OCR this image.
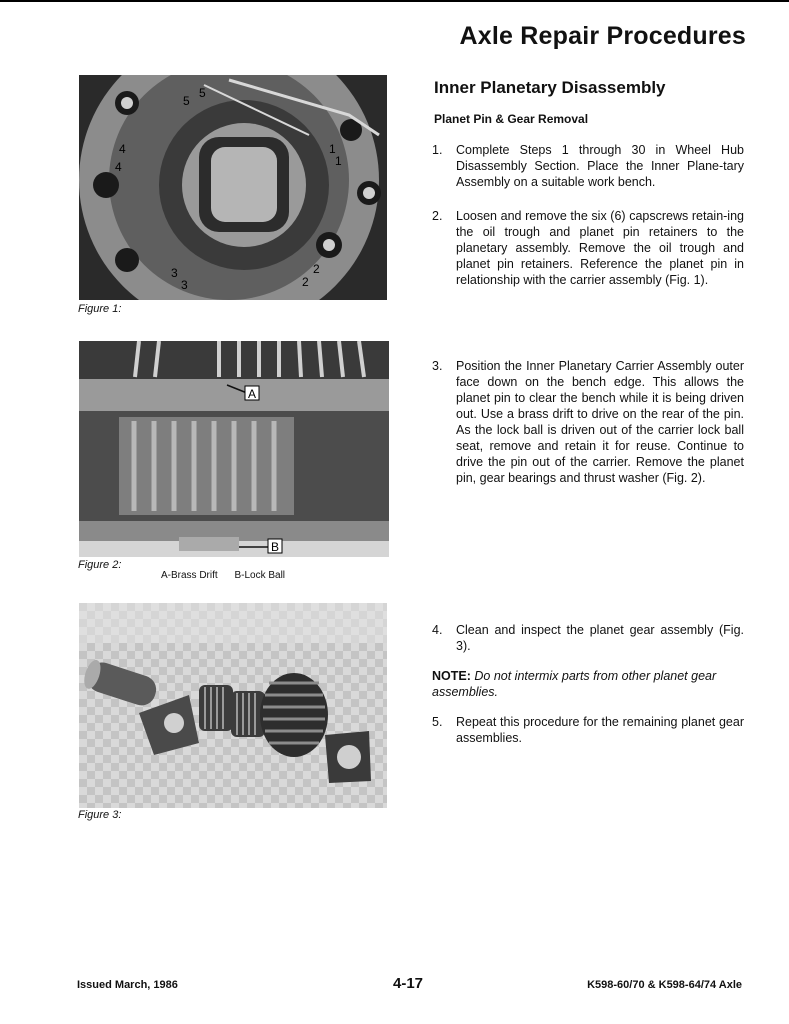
Axle Repair Procedures
Inner Planetary Disassembly
Planet Pin & Gear Removal
5
5
4
4
3
3
2
2
1
1

Figure 1:

A
B

Figure 2:

A-Brass Drift B-Lock Ball

Figure 3:

1. Complete Steps 1 through 30 in Wheel Hub Disassembly Section. Place the Inner Plane-tary Assembly on a suitable work bench.
2. Loosen and remove the six (6) capscrews retain-ing the oil trough and planet pin retainers to the planetary assembly. Remove the oil trough and planet pin retainers. Reference the planet pin in relationship with the carrier assembly (Fig. 1).
3. Position the Inner Planetary Carrier Assembly outer face down on the bench edge. This allows the planet pin to clear the bench while it is being driven out. Use a brass drift to drive on the rear of the pin. As the lock ball is driven out of the carrier lock ball seat, remove and retain it for reuse. Continue to drive the pin out of the carrier. Remove the planet pin, gear bearings and thrust washer (Fig. 2).
4. Clean and inspect the planet gear assembly (Fig. 3).

NOTE: Do not intermix parts from other planet gear assemblies.

5. Repeat this procedure for the remaining planet gear assemblies.
Issued March, 1986	4-17	K598-60/70 & K598-64/74 Axle
